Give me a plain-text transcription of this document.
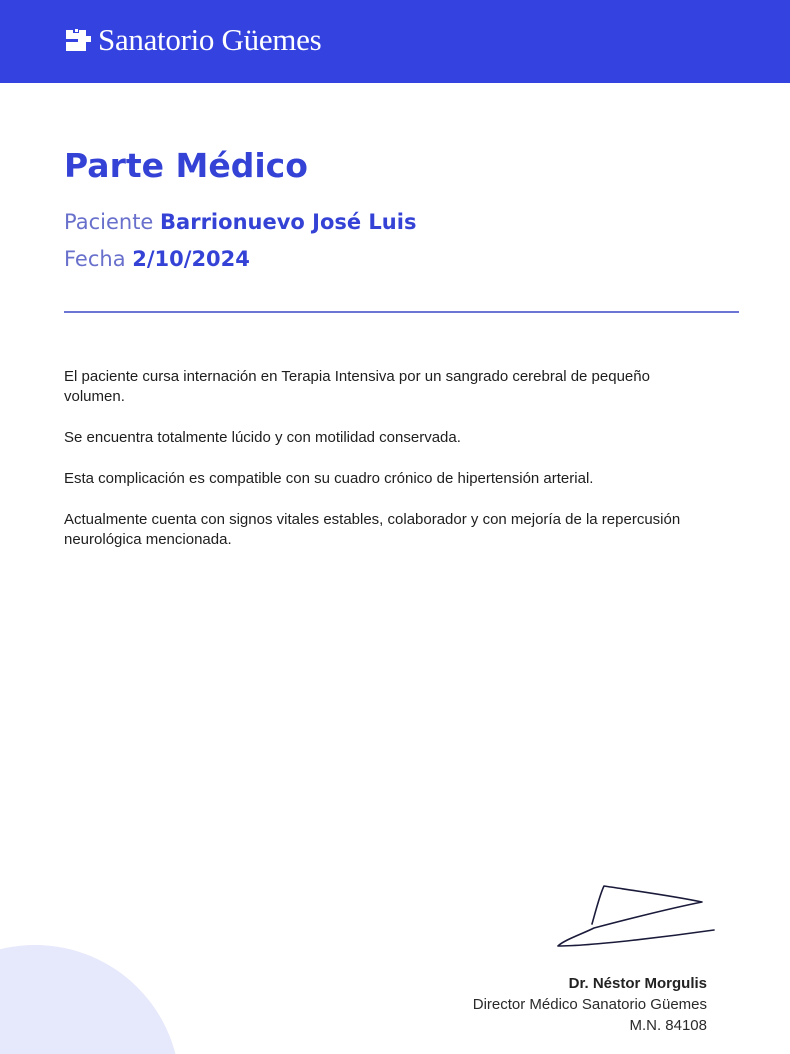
Sanatorio Güemes
Parte Médico
Paciente Barrionuevo José Luis
Fecha 2/10/2024

El paciente cursa internación en Terapia Intensiva por un sangrado cerebral de pequeño volumen.

Se encuentra totalmente lúcido y con motilidad conservada.

Esta complicación es compatible con su cuadro crónico de hipertensión arterial.

Actualmente cuenta con signos vitales estables, colaborador y con mejoría de la repercusión neurológica mencionada.

Dr. Néstor Morgulis
Director Médico Sanatorio Güemes
M.N. 84108
